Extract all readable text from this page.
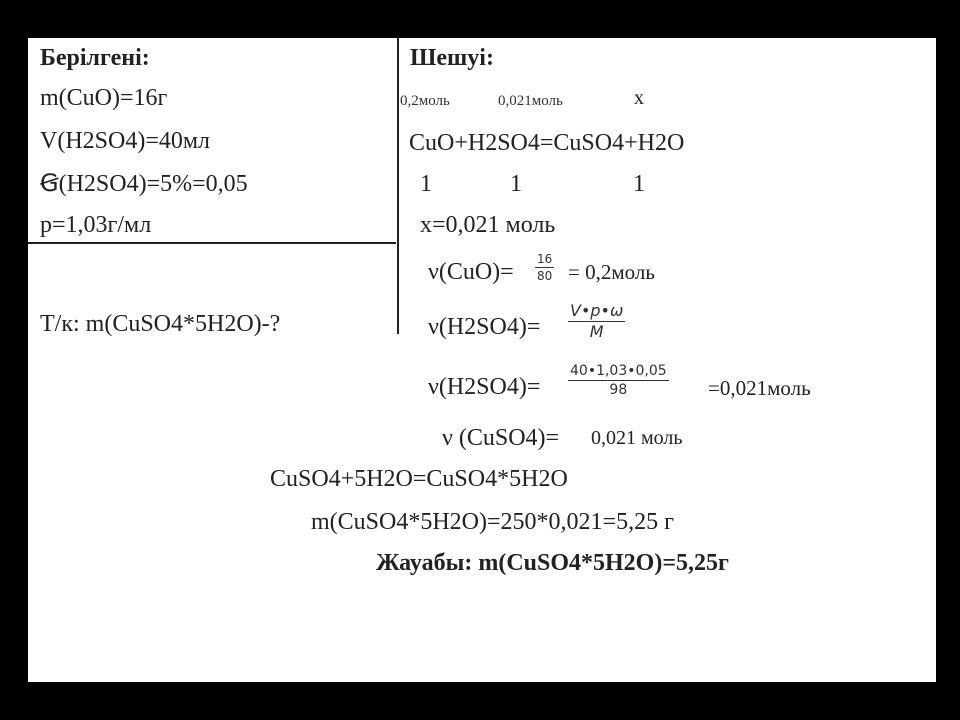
Берілгені:
m(CuO)=16г
V(H2SO4)=40мл
Ꞡ(H2SO4)=5%=0,05
p=1,03г/мл
Т/к: m(CuSO4*5H2O)-?
Шешуі:
0,2моль	0,021моль	x
CuO+H2SO4=CuSO4+H2O
1	1	1
x=0,021 моль
$\nu(CuO)= \frac{16}{80}$ = 0,2моль
$\nu(H2SO4)= \frac{V•p•\omega}{M}$
$\nu(H2SO4)= \frac{40•1,03•0,05}{98}$ =0,021моль
ν (CuSO4)= 0,021 моль
CuSO4+5H2O=CuSO4*5H2O
m(CuSO4*5H2O)=250*0,021=5,25 г
Жауабы: m(CuSO4*5H2O)=5,25г
